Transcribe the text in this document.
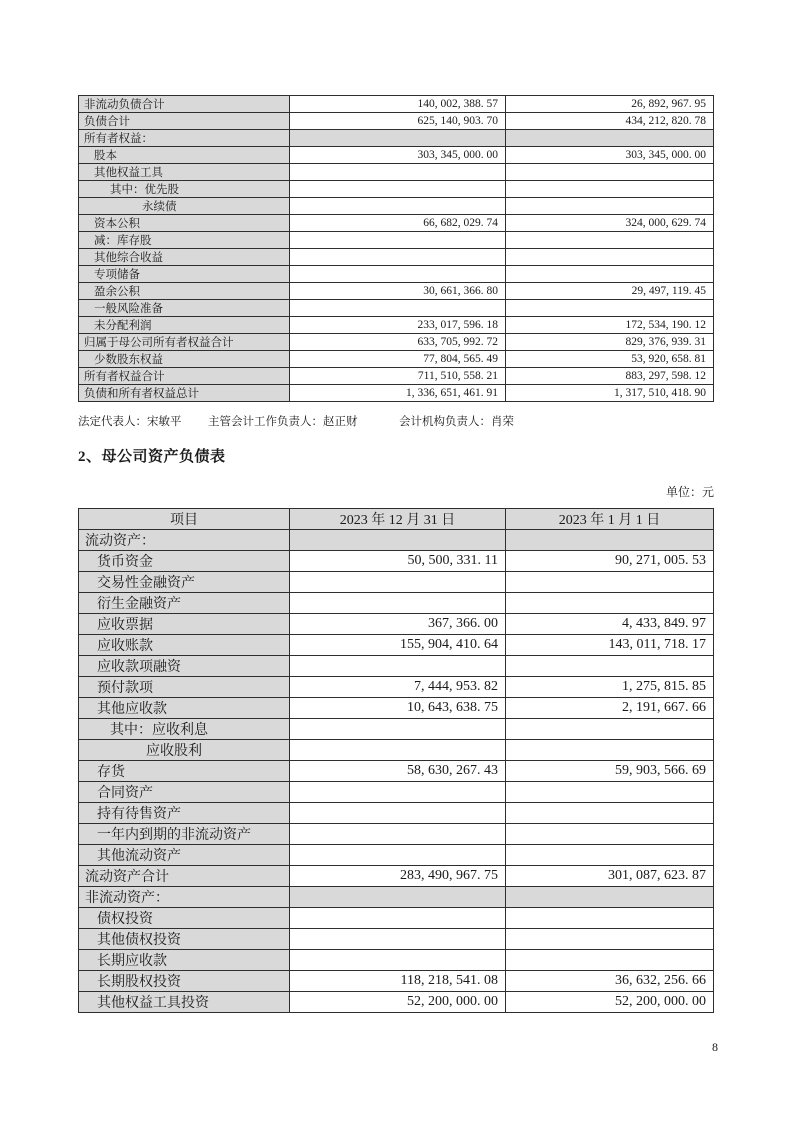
非流动负债合计	140, 002, 388. 57	26, 892, 967. 95
负债合计	625, 140, 903. 70	434, 212, 820. 78
所有者权益：		
股本	303, 345, 000. 00	303, 345, 000. 00
其他权益工具		
其中：优先股		
永续债		
资本公积	66, 682, 029. 74	324, 000, 629. 74
减：库存股		
其他综合收益		
专项储备		
盈余公积	30, 661, 366. 80	29, 497, 119. 45
一般风险准备		
未分配利润	233, 017, 596. 18	172, 534, 190. 12
归属于母公司所有者权益合计	633, 705, 992. 72	829, 376, 939. 31
少数股东权益	77, 804, 565. 49	53, 920, 658. 81
所有者权益合计	711, 510, 558. 21	883, 297, 598. 12
负债和所有者权益总计	1, 336, 651, 461. 91	1, 317, 510, 418. 90
法定代表人：宋敏平 主管会计工作负责人：赵正财	会计机构负责人：肖荣
2、母公司资产负债表
单位：元
项目	2023 年 12 月 31 日	2023 年 1 月 1 日
流动资产：		
货币资金	50, 500, 331. 11	90, 271, 005. 53
交易性金融资产		
衍生金融资产		
应收票据	367, 366. 00	4, 433, 849. 97
应收账款	155, 904, 410. 64	143, 011, 718. 17
应收款项融资		
预付款项	7, 444, 953. 82	1, 275, 815. 85
其他应收款	10, 643, 638. 75	2, 191, 667. 66
其中：应收利息		
应收股利		
存货	58, 630, 267. 43	59, 903, 566. 69
合同资产		
持有待售资产		
一年内到期的非流动资产		
其他流动资产		
流动资产合计	283, 490, 967. 75	301, 087, 623. 87
非流动资产：		
债权投资		
其他债权投资		
长期应收款		
长期股权投资	118, 218, 541. 08	36, 632, 256. 66
其他权益工具投资	52, 200, 000. 00	52, 200, 000. 00
8
